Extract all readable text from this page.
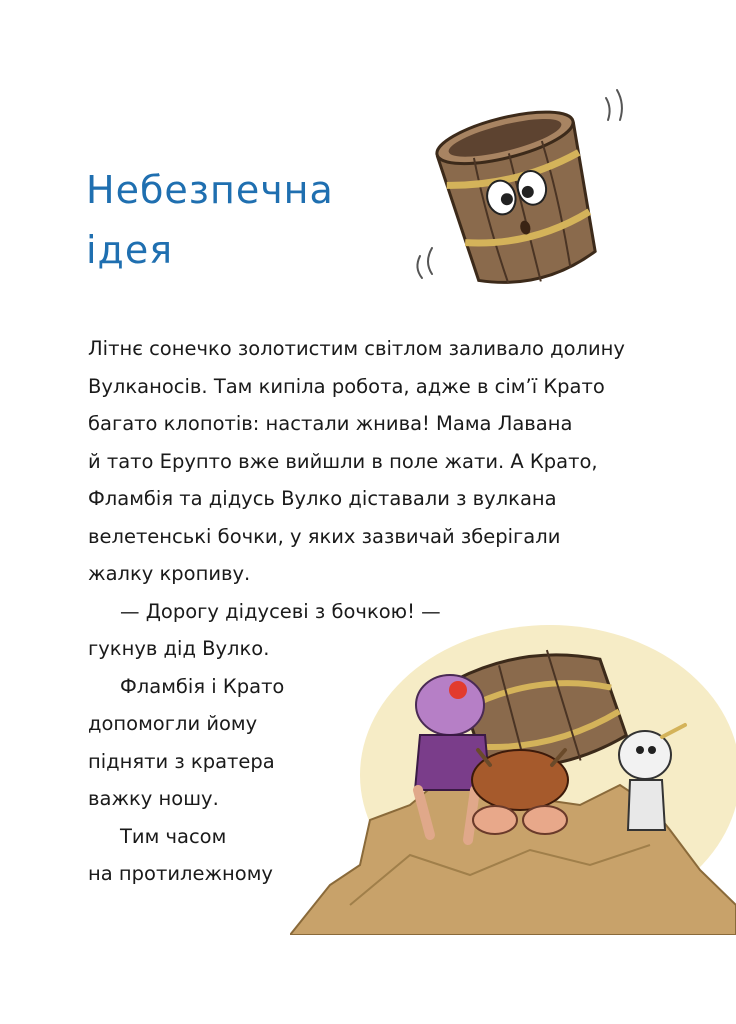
Небезпечна
ідея
Літнє сонечко золотистим світлом заливало долину
Вулканосів. Там кипіла робота, адже в сім’ї Крато
багато клопотів: настали жнива! Мама Лавана
й тато Ерупто вже вийшли в поле жати. А Крато,
Фламбія та дідусь Вулко діставали з вулкана
велетенські бочки, у яких зазвичай зберігали
жалку кропиву.
— Дорогу дідусеві з бочкою! —
гукнув дід Вулко.
Фламбія і Крато
допомогли йому
підняти з кратера
важку ношу.
Тим часом
на протилежному
